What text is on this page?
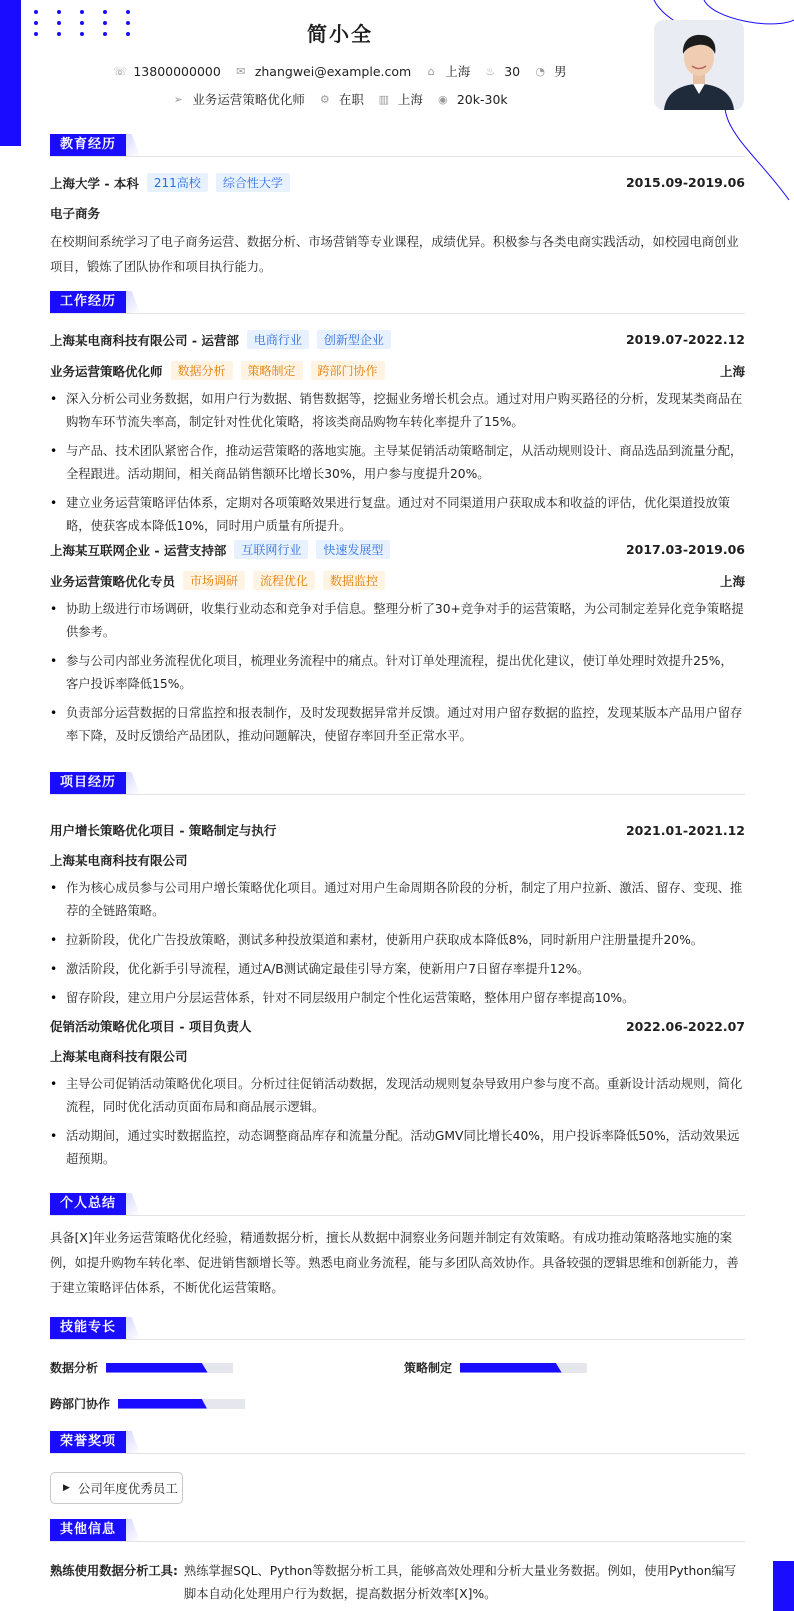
简小全
☏ 13800000000 ✉ zhangwei@example.com ⌂ 上海 ♨ 30 ◔ 男
➢ 业务运营策略优化师 ⚙ 在职 ▥ 上海 ◉ 20k-30k
教育经历
上海大学 - 本科	211高校	综合性大学	2015.09-2019.06
电子商务
在校期间系统学习了电子商务运营、数据分析、市场营销等专业课程，成绩优异。积极参与各类电商实践活动，如校园电商创业项目，锻炼了团队协作和项目执行能力。
工作经历
上海某电商科技有限公司 - 运营部	电商行业	创新型企业	2019.07-2022.12
业务运营策略优化师	数据分析	策略制定	跨部门协作	上海
• 深入分析公司业务数据，如用户行为数据、销售数据等，挖掘业务增长机会点。通过对用户购买路径的分析，发现某类商品在购物车环节流失率高，制定针对性优化策略，将该类商品购物车转化率提升了15%。
• 与产品、技术团队紧密合作，推动运营策略的落地实施。主导某促销活动策略制定，从活动规则设计、商品选品到流量分配，全程跟进。活动期间，相关商品销售额环比增长30%，用户参与度提升20%。
• 建立业务运营策略评估体系，定期对各项策略效果进行复盘。通过对不同渠道用户获取成本和收益的评估，优化渠道投放策略，使获客成本降低10%，同时用户质量有所提升。
上海某互联网企业 - 运营支持部	互联网行业	快速发展型	2017.03-2019.06
业务运营策略优化专员	市场调研	流程优化	数据监控	上海
• 协助上级进行市场调研，收集行业动态和竞争对手信息。整理分析了30+竞争对手的运营策略，为公司制定差异化竞争策略提供参考。
• 参与公司内部业务流程优化项目，梳理业务流程中的痛点。针对订单处理流程，提出优化建议，使订单处理时效提升25%，客户投诉率降低15%。
• 负责部分运营数据的日常监控和报表制作，及时发现数据异常并反馈。通过对用户留存数据的监控，发现某版本产品用户留存率下降，及时反馈给产品团队，推动问题解决，使留存率回升至正常水平。
项目经历
用户增长策略优化项目 - 策略制定与执行	2021.01-2021.12
上海某电商科技有限公司
• 作为核心成员参与公司用户增长策略优化项目。通过对用户生命周期各阶段的分析，制定了用户拉新、激活、留存、变现、推荐的全链路策略。
• 拉新阶段，优化广告投放策略，测试多种投放渠道和素材，使新用户获取成本降低8%，同时新用户注册量提升20%。
• 激活阶段，优化新手引导流程，通过A/B测试确定最佳引导方案，使新用户7日留存率提升12%。
• 留存阶段，建立用户分层运营体系，针对不同层级用户制定个性化运营策略，整体用户留存率提高10%。
促销活动策略优化项目 - 项目负责人	2022.06-2022.07
上海某电商科技有限公司
• 主导公司促销活动策略优化项目。分析过往促销活动数据，发现活动规则复杂导致用户参与度不高。重新设计活动规则，简化流程，同时优化活动页面布局和商品展示逻辑。
• 活动期间，通过实时数据监控，动态调整商品库存和流量分配。活动GMV同比增长40%，用户投诉率降低50%，活动效果远超预期。
个人总结
具备[X]年业务运营策略优化经验，精通数据分析，擅长从数据中洞察业务问题并制定有效策略。有成功推动策略落地实施的案例，如提升购物车转化率、促进销售额增长等。熟悉电商业务流程，能与多团队高效协作。具备较强的逻辑思维和创新能力，善于建立策略评估体系，不断优化运营策略。
技能专长
数据分析	策略制定
跨部门协作
荣誉奖项
▶ 公司年度优秀员工
其他信息
熟练使用数据分析工具: 熟练掌握SQL、Python等数据分析工具，能够高效处理和分析大量业务数据。例如，使用Python编写脚本自动化处理用户行为数据，提高数据分析效率[X]%。
